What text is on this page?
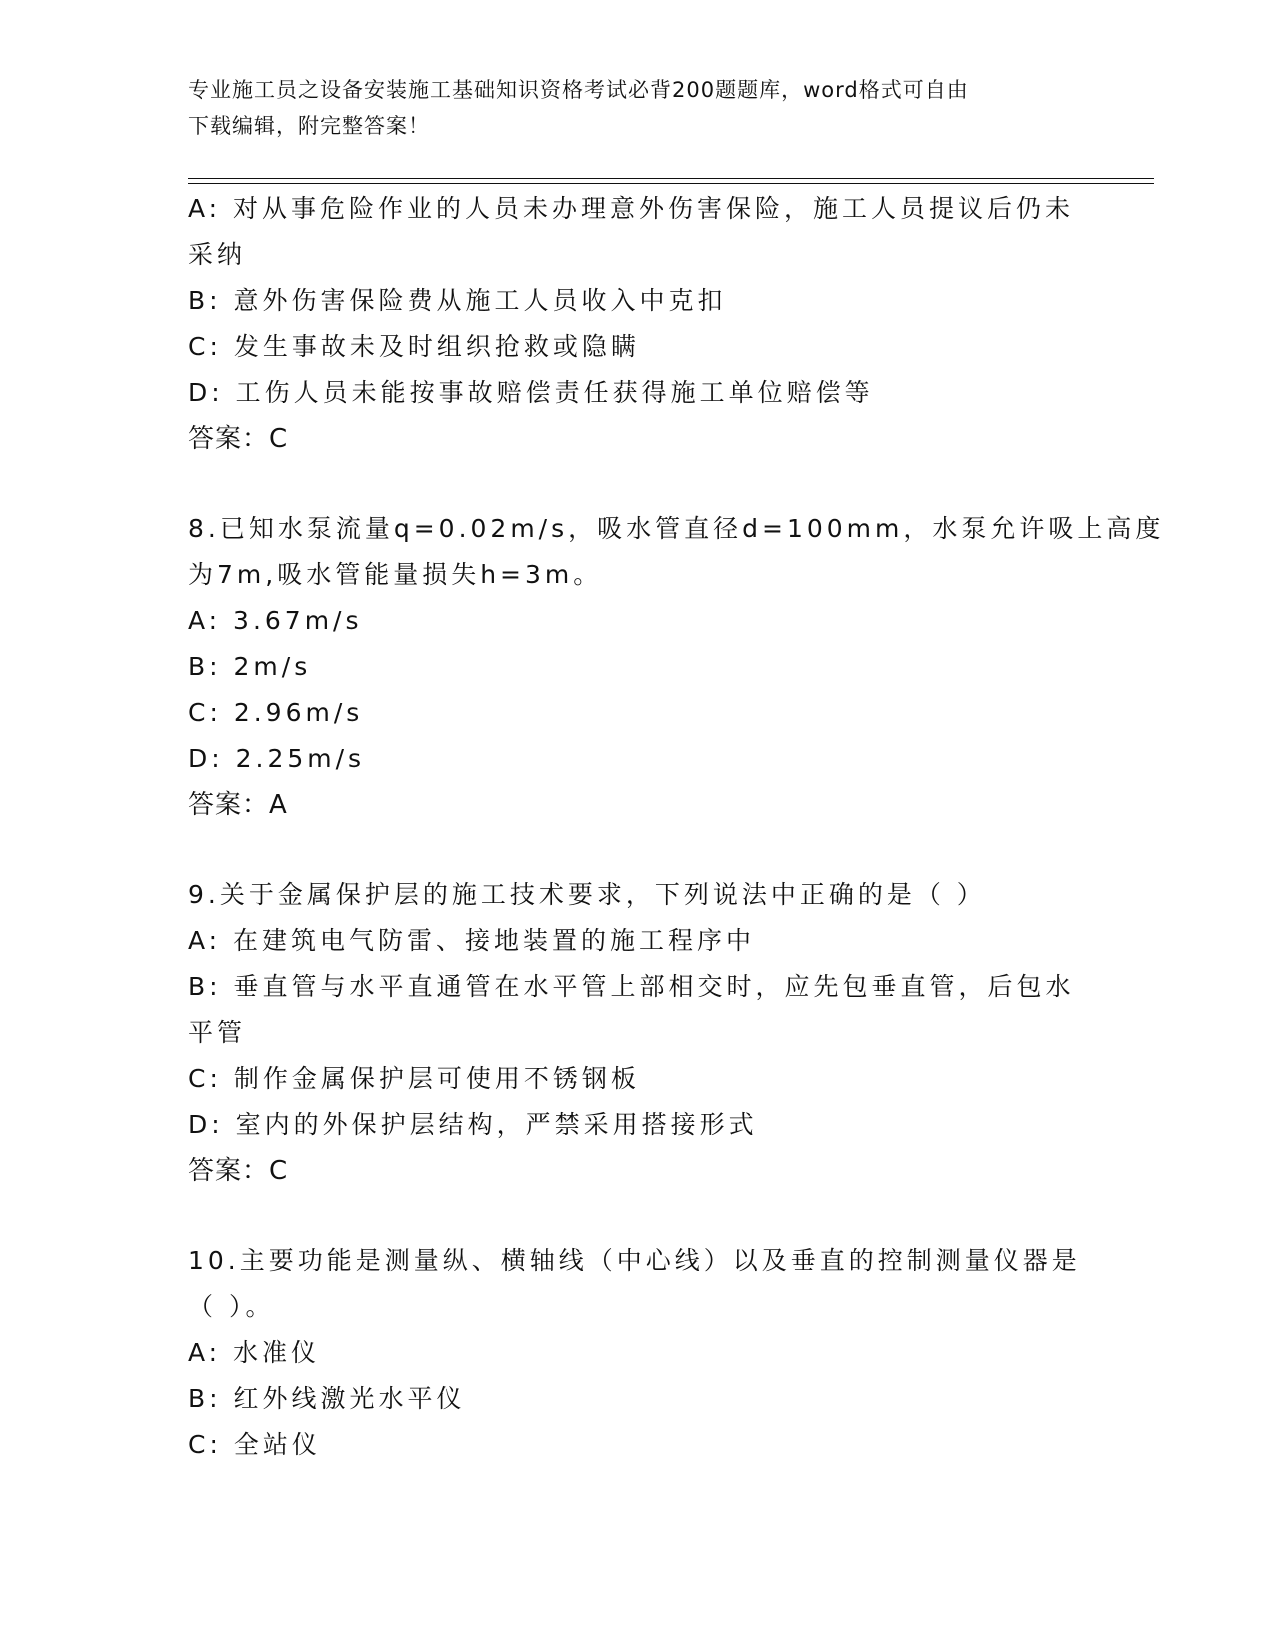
专业施工员之设备安装施工基础知识资格考试必背200题题库，word格式可自由
下载编辑，附完整答案！
A: 对从事危险作业的人员未办理意外伤害保险，施工人员提议后仍未
采纳
B: 意外伤害保险费从施工人员收入中克扣
C: 发生事故未及时组织抢救或隐瞒
D: 工伤人员未能按事故赔偿责任获得施工单位赔偿等
答案：C
8.已知水泵流量q=0.02m/s，吸水管直径d=100mm，水泵允许吸上高度
为7m,吸水管能量损失h=3m。
A: 3.67m/s
B: 2m/s
C: 2.96m/s
D: 2.25m/s
答案：A
9.关于金属保护层的施工技术要求，下列说法中正确的是（ ）
A: 在建筑电气防雷、接地装置的施工程序中
B: 垂直管与水平直通管在水平管上部相交时，应先包垂直管，后包水
平管
C: 制作金属保护层可使用不锈钢板
D: 室内的外保护层结构，严禁采用搭接形式
答案：C
10.主要功能是测量纵、横轴线（中心线）以及垂直的控制测量仪器是
（ ）。
A: 水准仪
B: 红外线激光水平仪
C: 全站仪
